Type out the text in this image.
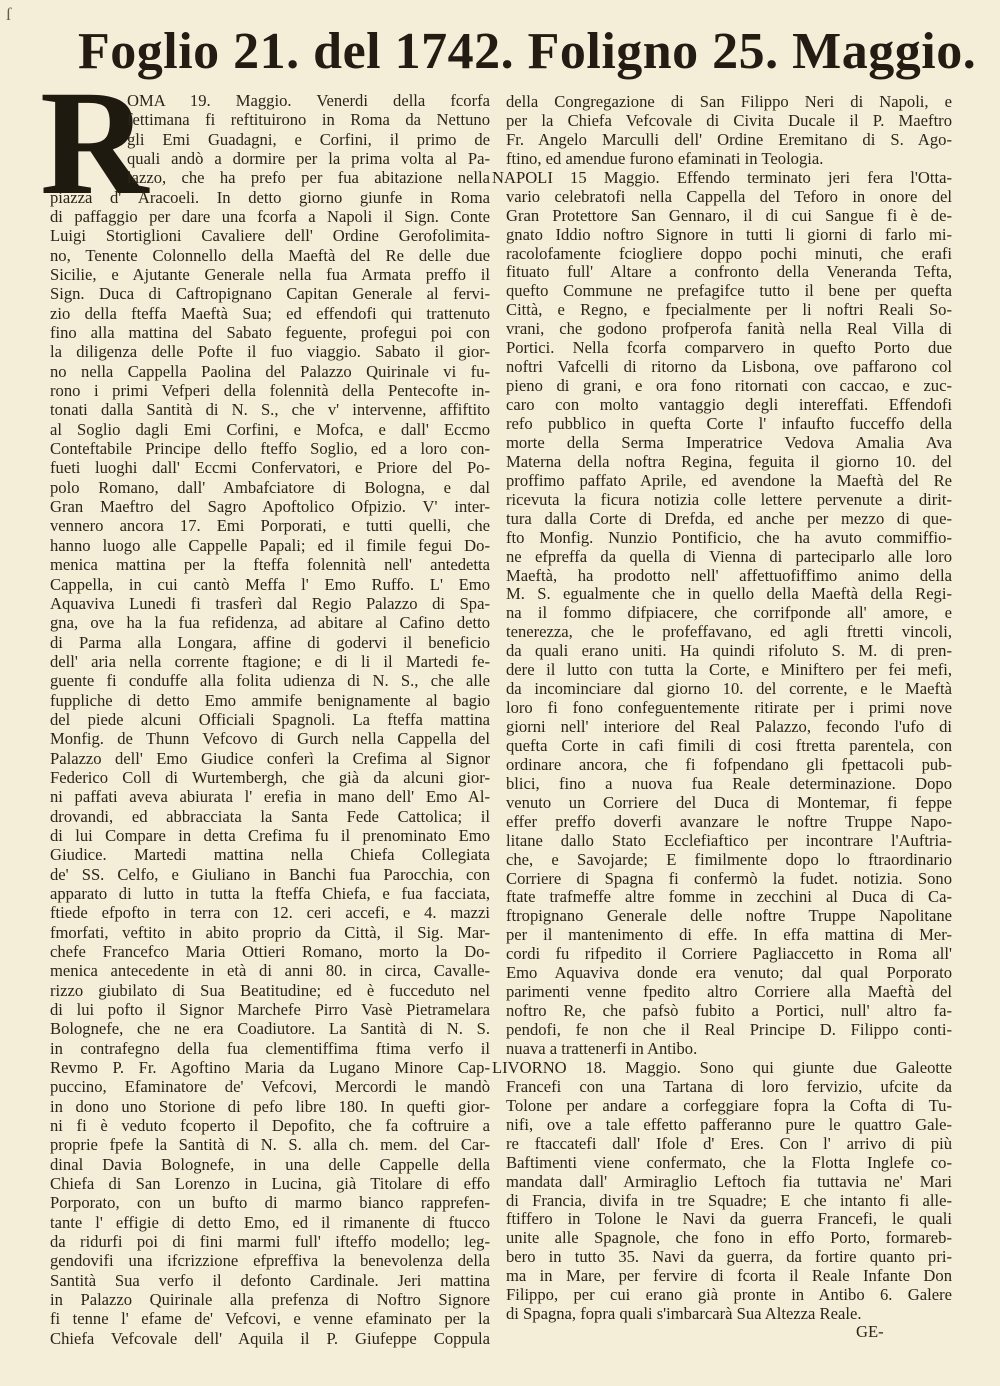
ſ
Foglio 21. del 1742. Foligno 25. Maggio.
R
OMA 19. Maggio. Venerdi della fcorfa
fettimana fi reftituirono in Roma da Nettuno
gli Emi Guadagni, e Corfini, il primo de
quali andò a dormire per la prima volta al Pa-
lazzo, che ha prefo per fua abitazione nella
piazza d' Aracoeli. In detto giorno giunfe in Roma
di paffaggio per dare una fcorfa a Napoli il Sign. Conte
Luigi Stortiglioni Cavaliere dell' Ordine Gerofolimita-
no, Tenente Colonnello della Maeftà del Re delle due
Sicilie, e Ajutante Generale nella fua Armata preffo il
Sign. Duca di Caftropignano Capitan Generale al fervi-
zio della fteffa Maeftà Sua; ed effendofi qui trattenuto
fino alla mattina del Sabato feguente, profegui poi con
la diligenza delle Pofte il fuo viaggio. Sabato il gior-
no nella Cappella Paolina del Palazzo Quirinale vi fu-
rono i primi Vefperi della folennità della Pentecofte in-
tonati dalla Santità di N. S., che v' intervenne, affiftito
al Soglio dagli Emi Corfini, e Mofca, e dall' Eccmo
Conteftabile Principe dello fteffo Soglio, ed a loro con-
fueti luoghi dall' Eccmi Confervatori, e Priore del Po-
polo Romano, dall' Ambafciatore di Bologna, e dal
Gran Maeftro del Sagro Apoftolico Ofpizio. V' inter-
vennero ancora 17. Emi Porporati, e tutti quelli, che
hanno luogo alle Cappelle Papali; ed il fimile fegui Do-
menica mattina per la fteffa folennità nell' antedetta
Cappella, in cui cantò Meffa l' Emo Ruffo. L' Emo
Aquaviva Lunedi fi trasferì dal Regio Palazzo di Spa-
gna, ove ha la fua refidenza, ad abitare al Cafino detto
di Parma alla Longara, affine di godervi il beneficio
dell' aria nella corrente ftagione; e di li il Martedi fe-
guente fi conduffe alla folita udienza di N. S., che alle
fuppliche di detto Emo ammife benignamente al bagio
del piede alcuni Officiali Spagnoli. La fteffa mattina
Monfig. de Thunn Vefcovo di Gurch nella Cappella del
Palazzo dell' Emo Giudice conferì la Crefima al Signor
Federico Coll di Wurtembergh, che già da alcuni gior-
ni paffati aveva abiurata l' erefia in mano dell' Emo Al-
drovandi, ed abbracciata la Santa Fede Cattolica; il
di lui Compare in detta Crefima fu il prenominato Emo
Giudice. Martedi mattina nella Chiefa Collegiata
de' SS. Celfo, e Giuliano in Banchi fua Parocchia, con
apparato di lutto in tutta la fteffa Chiefa, e fua facciata,
ftiede efpofto in terra con 12. ceri accefi, e 4. mazzi
fmorfati, veftito in abito proprio da Città, il Sig. Mar-
chefe Francefco Maria Ottieri Romano, morto la Do-
menica antecedente in età di anni 80. in circa, Cavalle-
rizzo giubilato di Sua Beatitudine; ed è fucceduto nel
di lui pofto il Signor Marchefe Pirro Vasè Pietramelara
Bolognefe, che ne era Coadiutore. La Santità di N. S.
in contrafegno della fua clementiffima ftima verfo il
Revmo P. Fr. Agoftino Maria da Lugano Minore Cap-
puccino, Efaminatore de' Vefcovi, Mercordi le mandò
in dono uno Storione di pefo libre 180. In quefti gior-
ni fi è veduto fcoperto il Depofito, che fa coftruire a
proprie fpefe la Santità di N. S. alla ch. mem. del Car-
dinal Davia Bolognefe, in una delle Cappelle della
Chiefa di San Lorenzo in Lucina, già Titolare di effo
Porporato, con un bufto di marmo bianco rapprefen-
tante l' effigie di detto Emo, ed il rimanente di ftucco
da ridurfi poi di fini marmi full' ifteffo modello; leg-
gendovifi una ifcrizzione efpreffiva la benevolenza della
Santità Sua verfo il defonto Cardinale. Jeri mattina
in Palazzo Quirinale alla prefenza di Noftro Signore
fi tenne l' efame de' Vefcovi, e venne efaminato per la
Chiefa Vefcovale dell' Aquila il P. Giufeppe Coppula
della Congregazione di San Filippo Neri di Napoli, e
per la Chiefa Vefcovale di Civita Ducale il P. Maeftro
Fr. Angelo Marculli dell' Ordine Eremitano di S. Ago-
ftino, ed amendue furono efaminati in Teologia.
NAPOLI 15 Maggio. Effendo terminato jeri fera l'Otta-
vario celebratofi nella Cappella del Teforo in onore del
Gran Protettore San Gennaro, il di cui Sangue fi è de-
gnato Iddio noftro Signore in tutti li giorni di farlo mi-
racolofamente fciogliere doppo pochi minuti, che erafi
fituato full' Altare a confronto della Veneranda Tefta,
quefto Commune ne prefagifce tutto il bene per quefta
Città, e Regno, e fpecialmente per li noftri Reali So-
vrani, che godono profperofa fanità nella Real Villa di
Portici. Nella fcorfa comparvero in quefto Porto due
noftri Vafcelli di ritorno da Lisbona, ove paffarono col
pieno di grani, e ora fono ritornati con caccao, e zuc-
caro con molto vantaggio degli intereffati. Effendofi
refo pubblico in quefta Corte l' infaufto fucceffo della
morte della Serma Imperatrice Vedova Amalia Ava
Materna della noftra Regina, feguita il giorno 10. del
proffimo paffato Aprile, ed avendone la Maeftà del Re
ricevuta la ficura notizia colle lettere pervenute a dirit-
tura dalla Corte di Drefda, ed anche per mezzo di que-
fto Monfig. Nunzio Pontificio, che ha avuto commiffio-
ne efpreffa da quella di Vienna di parteciparlo alle loro
Maeftà, ha prodotto nell' affettuofiffimo animo della
M. S. egualmente che in quello della Maeftà della Regi-
na il fommo difpiacere, che corrifponde all' amore, e
tenerezza, che le profeffavano, ed agli ftretti vincoli,
da quali erano uniti. Ha quindi rifoluto S. M. di pren-
dere il lutto con tutta la Corte, e Miniftero per fei mefi,
da incominciare dal giorno 10. del corrente, e le Maeftà
loro fi fono confeguentemente ritirate per i primi nove
giorni nell' interiore del Real Palazzo, fecondo l'ufo di
quefta Corte in cafi fimili di cosi ftretta parentela, con
ordinare ancora, che fi fofpendano gli fpettacoli pub-
blici, fino a nuova fua Reale determinazione. Dopo
venuto un Corriere del Duca di Montemar, fi feppe
effer preffo doverfi avanzare le noftre Truppe Napo-
litane dallo Stato Ecclefiaftico per incontrare l'Auftria-
che, e Savojarde; E fimilmente dopo lo ftraordinario
Corriere di Spagna fi confermò la fudet. notizia. Sono
ftate trafmeffe altre fomme in zecchini al Duca di Ca-
ftropignano Generale delle noftre Truppe Napolitane
per il mantenimento di effe. In effa mattina di Mer-
cordi fu rifpedito il Corriere Pagliaccetto in Roma all'
Emo Aquaviva donde era venuto; dal qual Porporato
parimenti venne fpedito altro Corriere alla Maeftà del
noftro Re, che pafsò fubito a Portici, null' altro fa-
pendofi, fe non che il Real Principe D. Filippo conti-
nuava a trattenerfi in Antibo.
LIVORNO 18. Maggio. Sono qui giunte due Galeotte
Francefi con una Tartana di loro fervizio, ufcite da
Tolone per andare a corfeggiare fopra la Cofta di Tu-
nifi, ove a tale effetto pafferanno pure le quattro Gale-
re ftaccatefi dall' Ifole d' Eres. Con l' arrivo di più
Baftimenti viene confermato, che la Flotta Inglefe co-
mandata dall' Armiraglio Leftoch fia tuttavia ne' Mari
di Francia, divifa in tre Squadre; E che intanto fi alle-
ftiffero in Tolone le Navi da guerra Francefi, le quali
unite alle Spagnole, che fono in effo Porto, formareb-
bero in tutto 35. Navi da guerra, da fortire quanto pri-
ma in Mare, per fervire di fcorta il Reale Infante Don
Filippo, per cui erano già pronte in Antibo 6. Galere
di Spagna, fopra quali s'imbarcarà Sua Altezza Reale.
GE-
